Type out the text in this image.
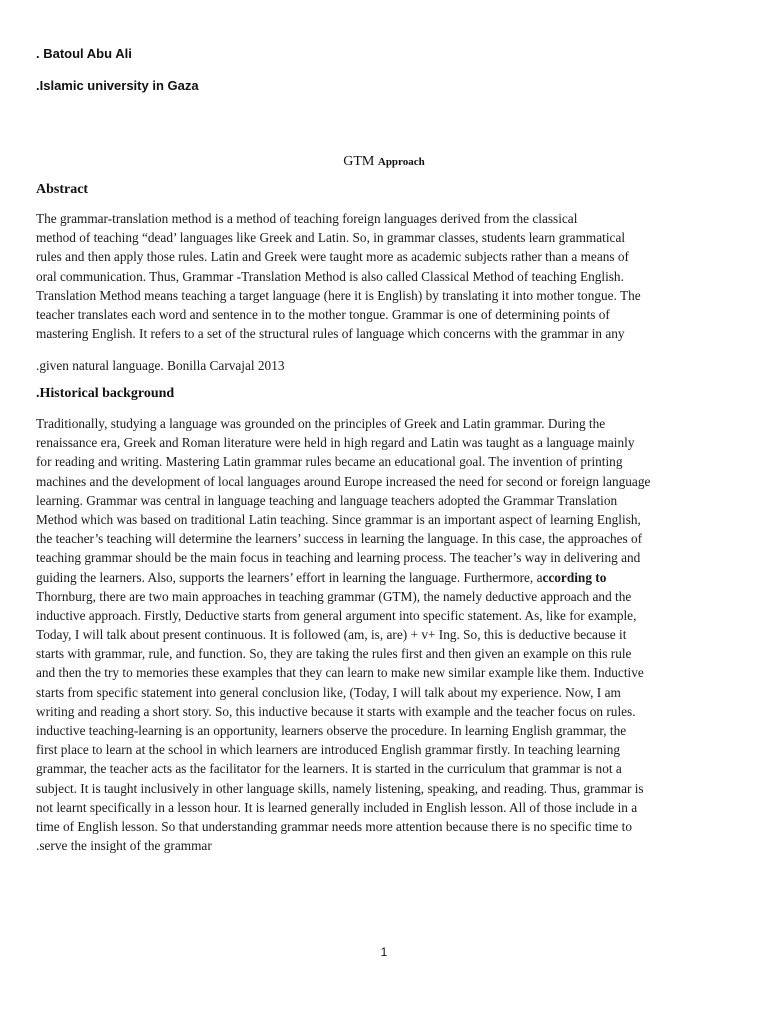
. Batoul Abu Ali
.Islamic university in Gaza
GTM Approach
Abstract
The grammar-translation method is a method of teaching foreign languages derived from the classical
method of teaching “dead’ languages like Greek and Latin. So, in grammar classes, students learn grammatical
rules and then apply those rules. Latin and Greek were taught more as academic subjects rather than a means of
oral communication. Thus, Grammar -Translation Method is also called Classical Method of teaching English.
Translation Method means teaching a target language (here it is English) by translating it into mother tongue. The
teacher translates each word and sentence in to the mother tongue. Grammar is one of determining points of
mastering English. It refers to a set of the structural rules of language which concerns with the grammar in any
.given natural language. Bonilla Carvajal 2013
.Historical background
Traditionally, studying a language was grounded on the principles of Greek and Latin grammar. During the
renaissance era, Greek and Roman literature were held in high regard and Latin was taught as a language mainly
for reading and writing. Mastering Latin grammar rules became an educational goal. The invention of printing
machines and the development of local languages around Europe increased the need for second or foreign language
learning. Grammar was central in language teaching and language teachers adopted the Grammar Translation
Method which was based on traditional Latin teaching. Since grammar is an important aspect of learning English,
the teacher’s teaching will determine the learners’ success in learning the language. In this case, the approaches of
teaching grammar should be the main focus in teaching and learning process. The teacher’s way in delivering and
guiding the learners. Also, supports the learners’ effort in learning the language. Furthermore, according to
Thornburg, there are two main approaches in teaching grammar (GTM), the namely deductive approach and the
inductive approach. Firstly, Deductive starts from general argument into specific statement. As, like for example,
Today, I will talk about present continuous. It is followed (am, is, are) + v+ Ing. So, this is deductive because it
starts with grammar, rule, and function. So, they are taking the rules first and then given an example on this rule
and then the try to memories these examples that they can learn to make new similar example like them. Inductive
starts from specific statement into general conclusion like, (Today, I will talk about my experience. Now, I am
writing and reading a short story. So, this inductive because it starts with example and the teacher focus on rules.
inductive teaching-learning is an opportunity, learners observe the procedure. In learning English grammar, the
first place to learn at the school in which learners are introduced English grammar firstly. In teaching learning
grammar, the teacher acts as the facilitator for the learners. It is started in the curriculum that grammar is not a
subject. It is taught inclusively in other language skills, namely listening, speaking, and reading. Thus, grammar is
not learnt specifically in a lesson hour. It is learned generally included in English lesson. All of those include in a
time of English lesson. So that understanding grammar needs more attention because there is no specific time to
.serve the insight of the grammar
1
